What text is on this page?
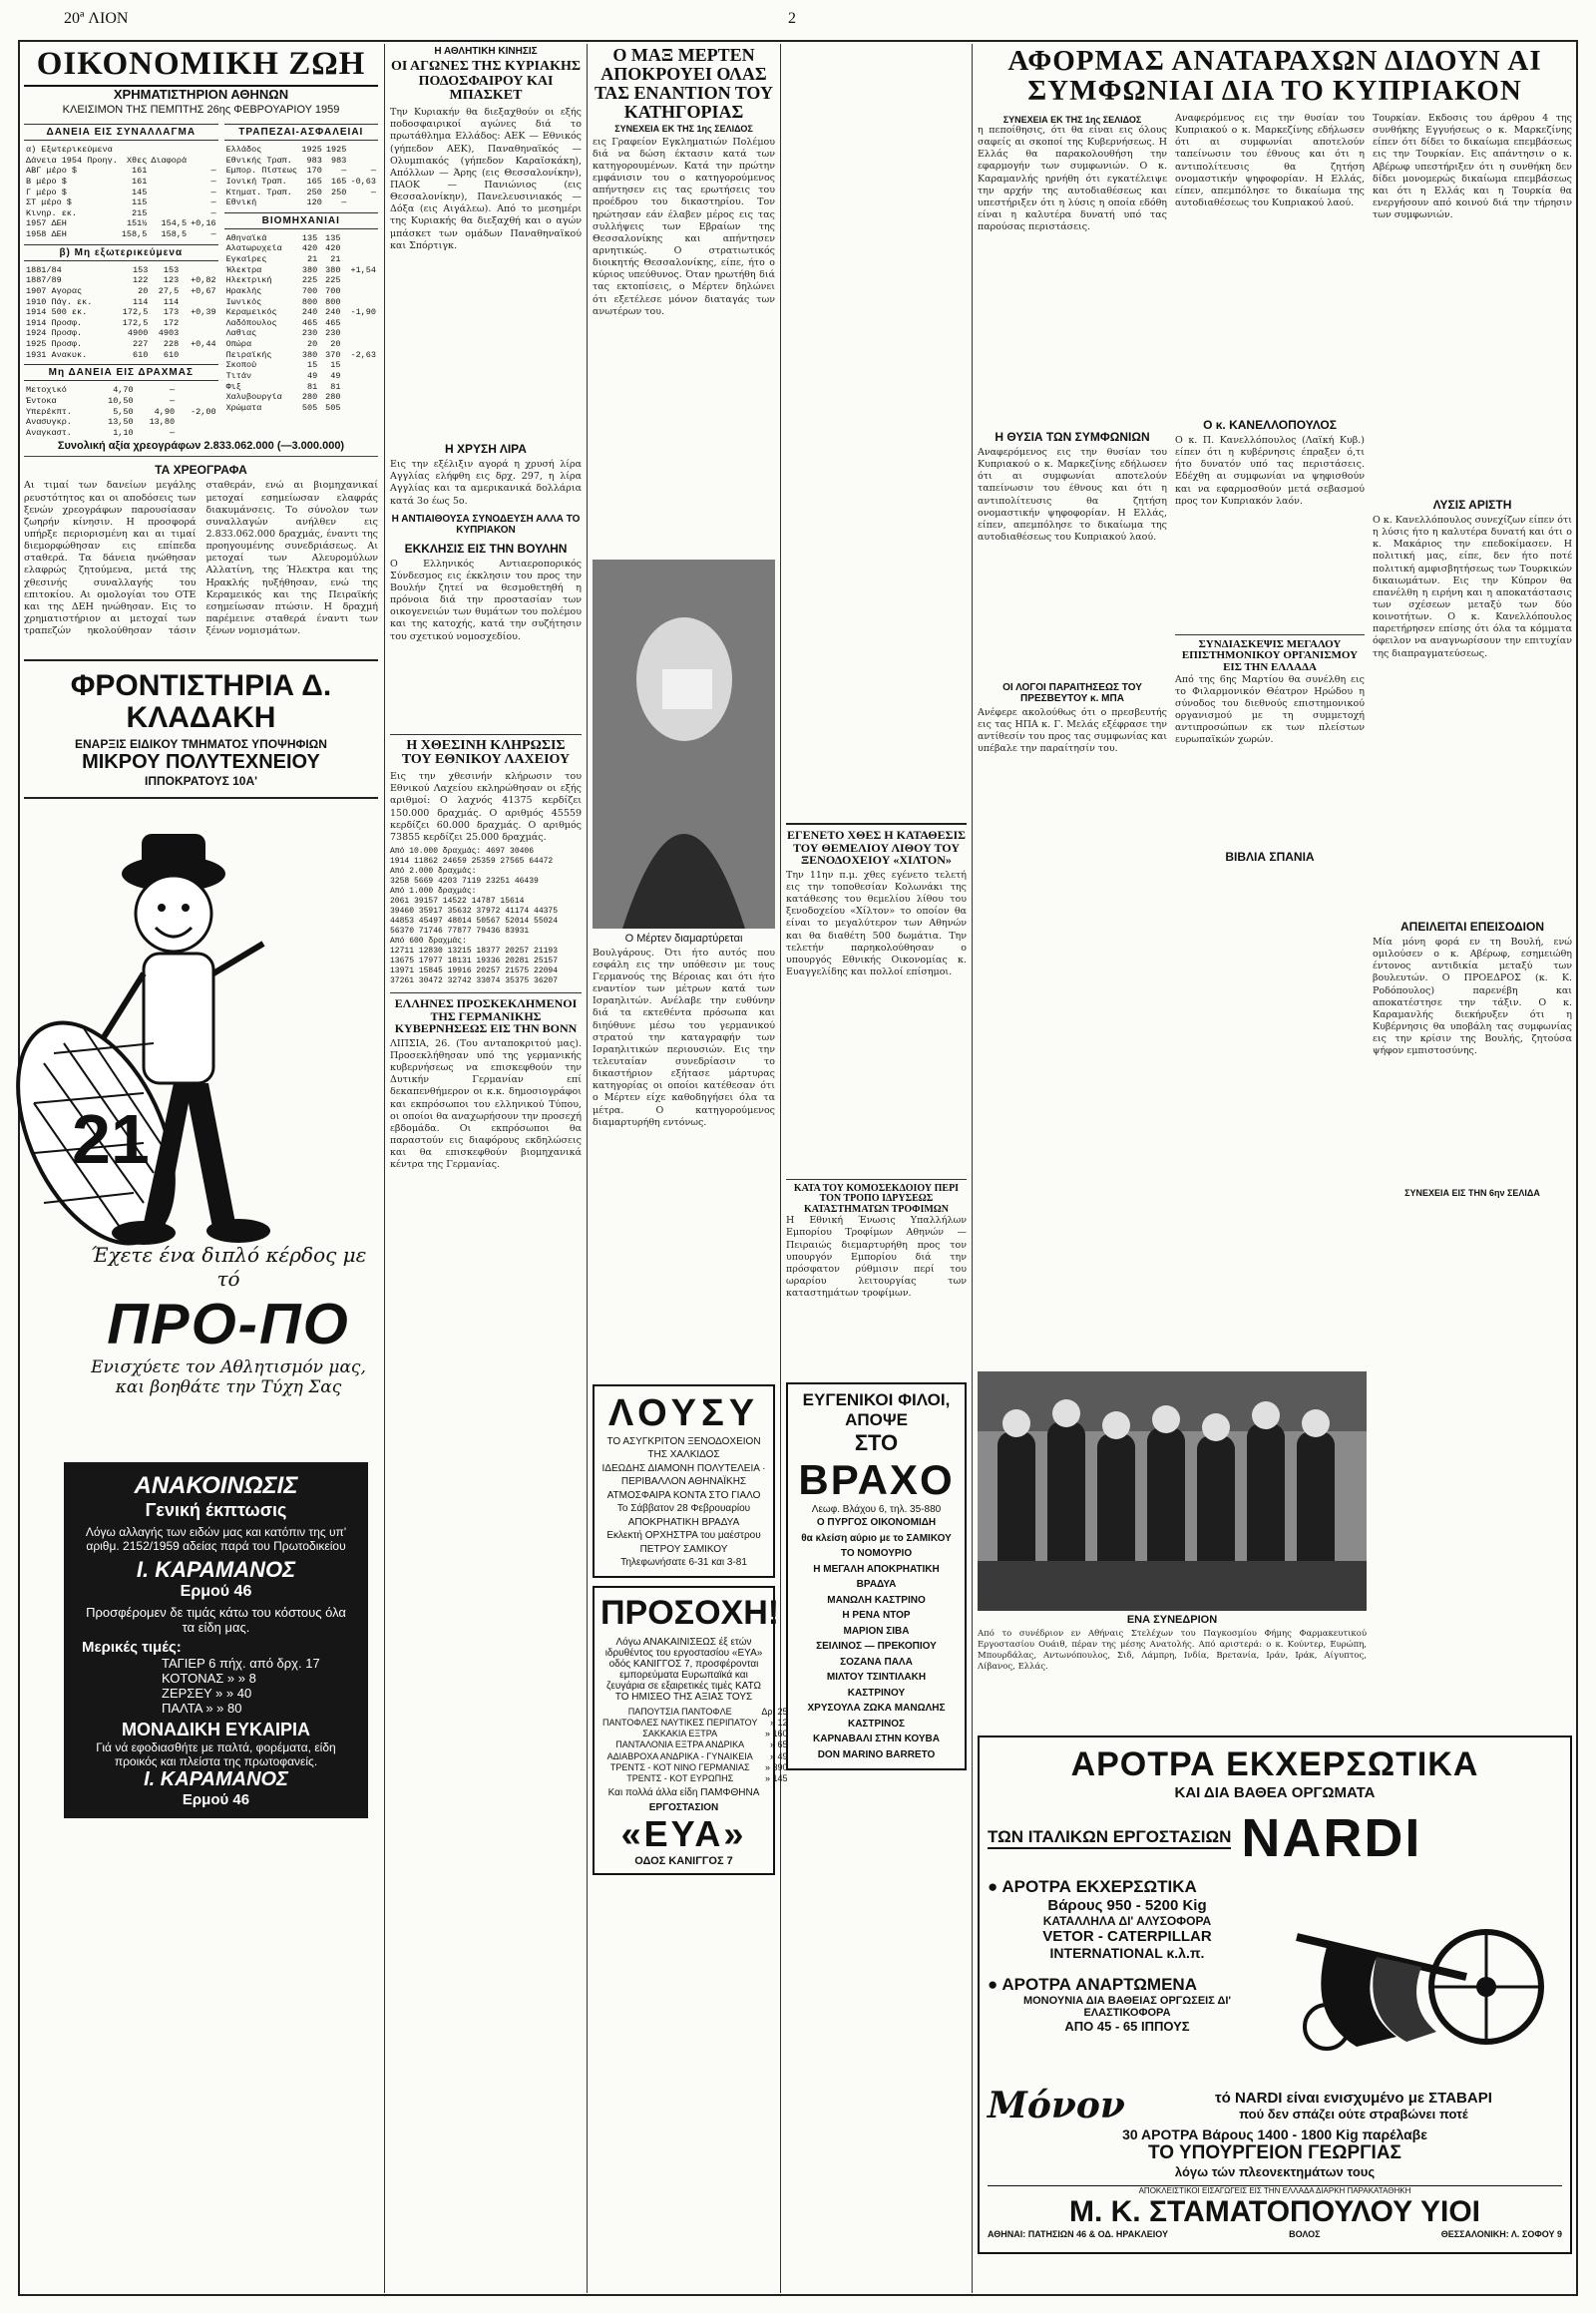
20ª ΛΙΟΝ	2
ΟΙΚΟΝΟΜΙΚΗ ΖΩΗ
ΧΡΗΜΑΤΙΣΤΗΡΙΟΝ ΑΘΗΝΩΝ
ΚΛΕΙΣΙΜΟΝ ΤΗΣ ΠΕΜΠΤΗΣ 26ης ΦΕΒΡΟΥΑΡΙΟΥ 1959
ΔΑΝΕΙΑ ΕΙΣ ΣΥΝΑΛΛΑΓΜΑ
α) Εξωτερικεύμενα			
Δάνεια 1954 Προηγ.	Χθες	Διαφορά	
ΑΒΓ μέρο $	161		—
Β μέρο $	161		—
Γ μέρο $	145		—
ΣΤ μέρο $	115		—
Κινηρ. εκ.	215		—
1957 ΔΕΗ	151½	154,5	+0,16
1958 ΔΕΗ	158,5	158,5	—
β) Μη εξωτερικεύμενα
1881/84	153	153	
1887/89	122	123	+0,82
1907 Αγορας	20	27,5	+0,67
1910 Πάγ. εκ.	114	114	
1914 500 εκ.	172,5	173	+0,39
1914 Προσφ.	172,5	172	
1924 Προσφ.	4900	4903	
1925 Προσφ.	227	228	+0,44
1931 Ανακυκ.	610	610	
Μη ΔΑΝΕΙΑ ΕΙΣ ΔΡΑΧΜΑΣ
Μετοχικό	4,70	—	
Έντοκα	10,50	—	
Υπερέκπτ.	5,50	4,90	-2,00
Ανασυγκρ.	13,50	13,80	
Αναγκαστ.	1,10	—	
ΤΡΑΠΕΖΑΙ-ΑΣΦΑΛΕΙΑΙ
Ελλάδος	1925	1925	
Εθνικής Τραπ.	983	983	
Εμπορ. Πίστεως	170	—	—
Ιονική Τραπ.	165	165	-0,63
Κτηματ. Τραπ.	250	250	—
Εθνική	120	—	
ΒΙΟΜΗΧΑΝΙΑΙ
Αθηναϊκά	135	135	
Αλατωρυχεία	420	420	
Εγκαίρες	21	21	
Ήλεκτρα	380	380	+1,54
Ηλεκτρική	225	225	
Ηρακλής	700	700	
Ιωνικός	800	800	
Κεραμεικός	240	240	-1,90
Λαδόπουλος	465	465	
Λαθιας	230	230	
Οπώρα	20	20	
Πειραϊκής	380	370	-2,63
Σκοπού	15	15	
Τιτάν	49	49	
Φιξ	81	81	
Χαλυβουργία	280	280	
Χρώματα	505	505	
Συνολική αξία χρεογράφων 2.833.062.000 (—3.000.000)
ΤΑ ΧΡΕΟΓΡΑΦΑ
Αι τιμαί των δανείων μεγάλης ρευστότητος και οι αποδόσεις των ξενών χρεογράφων παρουσίασαν ζωηρήν κίνησιν. Η προσφορά υπήρξε περιορισμένη και αι τιμαί διεμορφώθησαν εις επίπεδα σταθερά. Τα δάνεια ηνώθησαν ελαφρώς ζητούμενα, μετά της χθεσινής συναλλαγής του επιτοκίου. Αι ομολογίαι του ΟΤΕ και της ΔΕΗ ηνώθησαν. Εις το χρηματιστήριον αι μετοχαί των τραπεζών ηκολούθησαν τάσιν σταθεράν, ενώ αι βιομηχανικαί μετοχαί εσημείωσαν ελαφράς διακυμάνσεις. Το σύνολον των συναλλαγών ανήλθεν εις 2.833.062.000 δραχμάς, έναντι της προηγουμένης συνεδριάσεως. Αι μετοχαί των Αλευρομύλων Αλλατίνη, της Ήλεκτρα και της Ηρακλής ηυξήθησαν, ενώ της Κεραμεικός και της Πειραϊκής εσημείωσαν πτώσιν. Η δραχμή παρέμεινε σταθερά έναντι των ξένων νομισμάτων.
ΦΡΟΝΤΙΣΤΗΡΙΑ Δ. ΚΛΑΔΑΚΗ
ΕΝΑΡΞΙΣ ΕΙΔΙΚΟΥ ΤΜΗΜΑΤΟΣ ΥΠΟΨΗΦΙΩΝ
ΜΙΚΡΟΥ ΠΟΛΥΤΕΧΝΕΙΟΥ
ΙΠΠΟΚΡΑΤΟΥΣ 10Α'
21
Έχετε ένα διπλό κέρδος με τό
ΠΡΟ-ΠΟ
Ενισχύετε τον Αθλητισμόν μας,
και βοηθάτε την Τύχη Σας
ΑΝΑΚΟΙΝΩΣΙΣ
Γενική έκπτωσις
Λόγω αλλαγής των ειδών μας και κατόπιν της υπ' αριθμ. 2152/1959 αδείας παρά του Πρωτοδικείου
Ι. ΚΑΡΑΜΑΝΟΣ
Ερμού 46
Προσφέρομεν δε τιμάς κάτω του κόστους όλα τα είδη μας.
Μερικές τιμές:
ΤΑΓΙΕΡ 6 πήχ. από δρχ. 17
ΚΟΤΟΝΑΣ » » 8
ΖΕΡΣΕΥ » » 40
ΠΑΛΤΑ » » 80
ΜΟΝΑΔΙΚΗ ΕΥΚΑΙΡΙΑ
Γιά νά εφοδιασθήτε με παλτά, φορέματα, είδη προικός και πλείστα της πρωτοφανείς.
Ι. ΚΑΡΑΜΑΝΟΣ
Ερμού 46
Η ΑΘΛΗΤΙΚΗ ΚΙΝΗΣΙΣ
ΟΙ ΑΓΩΝΕΣ ΤΗΣ ΚΥΡΙΑΚΗΣ ΠΟΔΟΣΦΑΙΡΟΥ ΚΑΙ ΜΠΑΣΚΕΤ
Την Κυριακήν θα διεξαχθούν οι εξής ποδοσφαιρικοί αγώνες διά το πρωτάθλημα Ελλάδος: ΑΕΚ — Εθνικός (γήπεδον ΑΕΚ), Παναθηναϊκός — Ολυμπιακός (γήπεδον Καραϊσκάκη), Απόλλων — Άρης (εις Θεσσαλονίκην), ΠΑΟΚ — Πανιώνιος (εις Θεσσαλονίκην), Πανελευσινιακός — Δόξα (εις Αιγάλεω). Από το μεσημέρι της Κυριακής θα διεξαχθή και ο αγών μπάσκετ των ομάδων Παναθηναϊκού και Σπόρτιγκ.
Η ΧΡΥΣΗ ΛΙΡΑ
Εις την εξέλιξιν αγορά η χρυσή λίρα Αγγλίας ελήφθη εις δρχ. 297, η λίρα Αγγλίας και τα αμερικανικά δολλάρια κατά 3ο έως 5ο.
Η ΑΝΤΙΑΙΘΟΥΣΑ ΣΥΝΟΔΕΥΣΗ ΑΛΛΑ ΤΟ ΚΥΠΡΙΑΚΟΝ
ΕΚΚΛΗΣΙΣ ΕΙΣ ΤΗΝ ΒΟΥΛΗΝ
Ο Ελληνικός Αντιαεροπορικός Σύνδεσμος εις έκκλησιν του προς την Βουλήν ζητεί να θεσμοθετηθή η πρόνοια διά την προστασίαν των οικογενειών των θυμάτων του πολέμου και της κατοχής, κατά την συζήτησιν του σχετικού νομοσχεδίου.
Η ΧΘΕΣΙΝΗ ΚΛΗΡΩΣΙΣ ΤΟΥ ΕΘΝΙΚΟΥ ΛΑΧΕΙΟΥ
Εις την χθεσινήν κλήρωσιν του Εθνικού Λαχείου εκληρώθησαν οι εξής αριθμοί: Ο λαχνός 41375 κερδίζει 150.000 δραχμάς. Ο αριθμός 45559 κερδίζει 60.000 δραχμάς. Ο αριθμός 73855 κερδίζει 25.000 δραχμάς.
Από 10.000 δραχμάς: 4697 30406
1914 11862 24659 25359 27565 64472
Από 2.000 δραχμάς:
3258 5669 4203 7119 23251 46439
Από 1.000 δραχμάς:
2061 39157 14522 14787 15614
39460 35917 35632 37972 41174 44375
44853 45497 48014 50567 52014 55024
56370 71746 77877 79436 83931
Από 600 δραχμάς:
12711 12830 13215 18377 20257 21193
13675 17977 18131 19336 20281 25157
13971 15845 19916 20257 21575 22094
37261 30472 32742 33074 35375 36207
ΕΛΛΗΝΕΣ ΠΡΟΣΚΕΚΛΗΜΕΝΟΙ ΤΗΣ ΓΕΡΜΑΝΙΚΗΣ ΚΥΒΕΡΝΗΣΕΩΣ ΕΙΣ ΤΗΝ ΒΟΝΝ
ΛΙΠΣΙΑ, 26. (Του ανταποκριτού μας). Προσεκλήθησαν υπό της γερμανικής κυβερνήσεως να επισκεφθούν την Δυτικήν Γερμανίαν επί δεκαπενθήμερον οι κ.κ. δημοσιογράφοι και εκπρόσωποι του ελληνικού Τύπου, οι οποίοι θα αναχωρήσουν την προσεχή εβδομάδα. Οι εκπρόσωποι θα παραστούν εις διαφόρους εκδηλώσεις και θα επισκεφθούν βιομηχανικά κέντρα της Γερμανίας.
Ο ΜΑΞ ΜΕΡΤΕΝ ΑΠΟΚΡΟΥΕΙ ΟΛΑΣ ΤΑΣ ΕΝΑΝΤΙΟΝ ΤΟΥ ΚΑΤΗΓΟΡΙΑΣ
ΣΥΝΕΧΕΙΑ ΕΚ ΤΗΣ 1ης ΣΕΛΙΔΟΣ
εις Γραφείον Εγκληματιών Πολέμου διά να δώση έκτασιν κατά των κατηγορουμένων. Κατά την πρώτην εμφάνισιν του ο κατηγορούμενος απήντησεν εις τας ερωτήσεις του προέδρου του δικαστηρίου. Τον ηρώτησαν εάν έλαβεν μέρος εις τας συλλήψεις των Εβραίων της Θεσσαλονίκης και απήντησεν αρνητικώς. Ο στρατιωτικός διοικητής Θεσσαλονίκης, είπε, ήτο ο κύριος υπεύθυνος. Όταν ηρωτήθη διά τας εκτοπίσεις, ο Μέρτεν δηλώνει ότι εξετέλεσε μόνον διαταγάς των ανωτέρων του.
Ο Μέρτεν διαμαρτύρεται
Βουλγάρους. Ότι ήτο αυτός που εσφάλη εις την υπόθεσιν με τους Γερμανούς της Βέροιας και ότι ήτο εναντίον των μέτρων κατά των Ισραηλιτών. Ανέλαβε την ευθύνην διά τα εκτεθέντα πρόσωπα και διηύθυνε μέσω του γερμανικού στρατού την καταγραφήν των Ισραηλιτικών περιουσιών. Εις την τελευταίαν συνεδρίασιν το δικαστήριον εξήτασε μάρτυρας κατηγορίας οι οποίοι κατέθεσαν ότι ο Μέρτεν είχε καθοδηγήσει όλα τα μέτρα. Ο κατηγορούμενος διαμαρτυρήθη εντόνως.
ΛΟΥΣΥ
ΤΟ ΑΣΥΓΚΡΙΤΟΝ ΞΕΝΟΔΟΧΕΙΟΝ ΤΗΣ ΧΑΛΚΙΔΟΣ
ΙΔΕΩΔΗΣ ΔΙΑΜΟΝΗ ΠΟΛΥΤΕΛΕΙΑ · ΠΕΡΙΒΑΛΛΟΝ ΑΘΗΝΑΪΚΗΣ ΑΤΜΟΣΦΑΙΡΑ ΚΟΝΤΑ ΣΤΟ ΓΙΑΛΟ
Το Σάββατον 28 Φεβρουαρίου ΑΠΟΚΡΗΑΤΙΚΗ ΒΡΑΔΥΑ
Εκλεκτή ΟΡΧΗΣΤΡΑ του μαέστρου ΠΕΤΡΟΥ ΣΑΜΙΚΟΥ
Τηλεφωνήσατε 6-31 και 3-81
ΠΡΟΣΟΧΗ!
Λόγω ΑΝΑΚΑΙΝΙΣΕΩΣ έξ ετών ιδρυθέντος του εργοστασίου «ΕΥΑ» οδός ΚΑΝΙΓΓΟΣ 7, προσφέρονται εμπορεύματα Ευρωπαϊκά και ζευγάρια σε εξαιρετικές τιμές ΚΑΤΩ ΤΟ ΗΜΙΣΕΟ ΤΗΣ ΑΞΙΑΣ ΤΟΥΣ
ΠΑΠΟΥΤΣΙΑ ΠΑΝΤΟΦΛΕ	Δρ. 25
ΠΑΝΤΟΦΛΕΣ ΝΑΥΤΙΚΕΣ ΠΕΡΙΠΑΤΟΥ	» 12
ΣΑΚΚΑΚΙΑ ΕΞΤΡΑ	» 160
ΠΑΝΤΑΛΟΝΙΑ ΕΞΤΡΑ ΑΝΔΡΙΚΑ	» 65
ΑΔΙΑΒΡΟΧΑ ΑΝΔΡΙΚΑ - ΓΥΝΑΙΚΕΙΑ	» 49
ΤΡΕΝΤΣ - ΚΟΤ ΝΙΝΟ ΓΕΡΜΑΝΙΑΣ	» 390
ΤΡΕΝΤΣ - ΚΟΤ ΕΥΡΩΠΗΣ	» 145
Και πολλά άλλα είδη ΠΑΜΦΘΗΝΑ
ΕΡΓΟΣΤΑΣΙΟΝ
«ΕΥΑ»
ΟΔΟΣ ΚΑΝΙΓΓΟΣ 7
ΕΓΕΝΕΤΟ ΧΘΕΣ Η ΚΑΤΑΘΕΣΙΣ ΤΟΥ ΘΕΜΕΛΙΟΥ ΛΙΘΟΥ ΤΟΥ ΞΕΝΟΔΟΧΕΙΟΥ «ΧΙΛΤΟΝ»
Την 11ην π.μ. χθες εγένετο τελετή εις την τοποθεσίαν Κολωνάκι της κατάθεσης του θεμελίου λίθου του ξενοδοχείου «Χίλτον» το οποίον θα είναι το μεγαλύτερον των Αθηνών και θα διαθέτη 500 δωμάτια. Την τελετήν παρηκολούθησαν ο υπουργός Εθνικής Οικονομίας κ. Ευαγγελίδης και πολλοί επίσημοι.
ΚΑΤΑ ΤΟΥ ΚΟΜΟΣΕΚΔΟΙΟΥ ΠΕΡΙ ΤΟΝ ΤΡΟΠΟ ΙΔΡΥΣΕΩΣ ΚΑΤΑΣΤΗΜΑΤΩΝ ΤΡΟΦΙΜΩΝ
Η Εθνική Ένωσις Υπαλλήλων Εμπορίου Τροφίμων Αθηνών — Πειραιώς διεμαρτυρήθη προς τον υπουργόν Εμπορίου διά την πρόσφατον ρύθμισιν περί του ωραρίου λειτουργίας των καταστημάτων τροφίμων.
ΕΥΓΕΝΙΚΟΙ ΦΙΛΟΙ, ΑΠΟΨΕ
ΣΤΟ
ΒΡΑΧΟ
Λεωφ. Βλάχου 6, τηλ. 35-880
Ο ΠΥΡΓΟΣ ΟΙΚΟΝΟΜΙΔΗ
θα κλείση αύριο με το ΣΑΜΙΚΟΥ ΤΟ ΝΟΜΟΥΡΙΟ
Η ΜΕΓΑΛΗ ΑΠΟΚΡΗΑΤΙΚΗ ΒΡΑΔΥΑ
ΜΑΝΩΛΗ ΚΑΣΤΡΙΝΟ
Η ΡΕΝΑ ΝΤΟΡ
ΜΑΡΙΟΝ ΣΙΒΑ
ΣΕΙΛΙΝΟΣ — ΠΡΕΚΟΠΙΟΥ
ΣΟΖΑΝΑ ΠΑΛΑ
ΜΙΛΤΟΥ ΤΣΙΝΤΙΛΑΚΗ
ΚΑΣΤΡΙΝΟΥ
ΧΡΥΣΟΥΛΑ ΖΩΚΑ ΜΑΝΩΛΗΣ ΚΑΣΤΡΙΝΟΣ
ΚΑΡΝΑΒΑΛΙ ΣΤΗΝ ΚΟΥΒΑ
DON MARINO BARRETO
ΑΦΟΡΜΑΣ ΑΝΑΤΑΡΑΧΩΝ ΔΙΔΟΥΝ ΑΙ ΣΥΜΦΩΝΙΑΙ ΔΙΑ ΤΟ ΚΥΠΡΙΑΚΟΝ
ΣΥΝΕΧΕΙΑ ΕΚ ΤΗΣ 1ης ΣΕΛΙΔΟΣ
η πεποίθησις, ότι θα είναι εις όλους σαφείς αι σκοποί της Κυβερνήσεως. Η Ελλάς θα παρακολουθήση την εφαρμογήν των συμφωνιών. Ο κ. Καραμανλής ηρνήθη ότι εγκατέλειψε την αρχήν της αυτοδιαθέσεως και υπεστήριξεν ότι η λύσις η οποία εδόθη είναι η καλυτέρα δυνατή υπό τας παρούσας περιστάσεις.
Η ΘΥΣΙΑ ΤΩΝ ΣΥΜΦΩΝΙΩΝ
Αναφερόμενος εις την θυσίαν του Κυπριακού ο κ. Μαρκεζίνης εδήλωσεν ότι αι συμφωνίαι αποτελούν ταπείνωσιν του έθνους και ότι η αντιπολίτευσις θα ζητήση ονομαστικήν ψηφοφορίαν. Η Ελλάς, είπεν, απεμπόλησε το δικαίωμα της αυτοδιαθέσεως του Κυπριακού λαού.
ΟΙ ΛΟΓΟΙ ΠΑΡΑΙΤΗΣΕΩΣ ΤΟΥ ΠΡΕΣΒΕΥΤΟΥ κ. ΜΠΑ
Ανέφερε ακολούθως ότι ο πρεσβευτής εις τας ΗΠΑ κ. Γ. Μελάς εξέφρασε την αντίθεσίν του προς τας συμφωνίας και υπέβαλε την παραίτησίν του.
Αναφερόμενος εις την θυσίαν του Κυπριακού ο κ. Μαρκεζίνης εδήλωσεν ότι αι συμφωνίαι αποτελούν ταπείνωσιν του έθνους και ότι η αντιπολίτευσις θα ζητήση ονομαστικήν ψηφοφορίαν. Η Ελλάς, είπεν, απεμπόλησε το δικαίωμα της αυτοδιαθέσεως του Κυπριακού λαού.
Ο κ. ΚΑΝΕΛΛΟΠΟΥΛΟΣ
Ο κ. Π. Κανελλόπουλος (Λαϊκή Κυβ.) είπεν ότι η κυβέρνησις έπραξεν ό,τι ήτο δυνατόν υπό τας περιστάσεις. Εδέχθη αι συμφωνίαι να ψηφισθούν και να εφαρμοσθούν μετά σεβασμού προς τον Κυπριακόν λαόν.
ΣΥΝΔΙΑΣΚΕΨΙΣ ΜΕΓΑΛΟΥ ΕΠΙΣΤΗΜΟΝΙΚΟΥ ΟΡΓΑΝΙΣΜΟΥ ΕΙΣ ΤΗΝ ΕΛΛΑΔΑ
Από της 6ης Μαρτίου θα συνέλθη εις το Φιλαρμονικόν Θέατρον Ηρώδου η σύνοδος του διεθνούς επιστημονικού οργανισμού με τη συμμετοχή αντιπροσώπων εκ των πλείστων ευρωπαϊκών χωρών.
ΒΙΒΛΙΑ ΣΠΑΝΙΑ
Τουρκίαν. Εκδοσις του άρθρου 4 της συνθήκης Εγγυήσεως ο κ. Μαρκεζίνης είπεν ότι δίδει το δικαίωμα επεμβάσεως εις την Τουρκίαν. Εις απάντησιν ο κ. Αβέρωφ υπεστήριξεν ότι η συνθήκη δεν δίδει μονομερώς δικαίωμα επεμβάσεως και ότι η Ελλάς και η Τουρκία θα ενεργήσουν από κοινού διά την τήρησιν των συμφωνιών.
ΛΥΣΙΣ ΑΡΙΣΤΗ
Ο κ. Κανελλόπουλος συνεχίζων είπεν ότι η λύσις ήτο η καλυτέρα δυνατή και ότι ο κ. Μακάριος την επεδοκίμασεν. Η πολιτική μας, είπε, δεν ήτο ποτέ πολιτική αμφισβητήσεως των Τουρκικών δικαιωμάτων. Εις την Κύπρον θα επανέλθη η ειρήνη και η αποκατάστασις των σχέσεων μεταξύ των δύο κοινοτήτων. Ο κ. Κανελλόπουλος παρετήρησεν επίσης ότι όλα τα κόμματα όφειλον να αναγνωρίσουν την επιτυχίαν της διαπραγματεύσεως.
ΑΠΕΙΛΕΙΤΑΙ ΕΠΕΙΣΟΔΙΟΝ
Μία μόνη φορά εν τη Βουλή, ενώ ομιλούσεν ο κ. Αβέρωφ, εσημειώθη έντονος αντιδικία μεταξύ των βουλευτών. Ο ΠΡΟΕΔΡΟΣ (κ. Κ. Ροδόπουλος) παρενέβη και αποκατέστησε την τάξιν. Ο κ. Καραμανλής διεκήρυξεν ότι η Κυβέρνησις θα υποβάλη τας συμφωνίας εις την κρίσιν της Βουλής, ζητούσα ψήφον εμπιστοσύνης.
ΣΥΝΕΧΕΙΑ ΕΙΣ ΤΗΝ 6ην ΣΕΛΙΔΑ
ΕΝΑ ΣΥΝΕΔΡΙΟΝ
Από το συνέδριον εν Αθήναις Στελέχων του Παγκοσμίου Φήμης Φαρμακευτικού Εργοστασίου Ουάιθ, πέραν της μέσης Ανατολής. Από αριστερά: ο κ. Κούντερ, Ευρώπη, Μπουρδάλας, Αντωνόπουλος, Σιδ, Λάμπρη, Ινδία, Βρετανία, Ιράν, Ιράκ, Αίγυπτος, Λίβανος, Ελλάς.
ΑΡΟΤΡΑ ΕΚΧΕΡΣΩΤΙΚΑ
ΚΑΙ ΔΙΑ ΒΑΘΕΑ ΟΡΓΩΜΑΤΑ
ΤΩΝ ΙΤΑΛΙΚΩΝ ΕΡΓΟΣΤΑΣΙΩΝ NARDI
● ΑΡΟΤΡΑ ΕΚΧΕΡΣΩΤΙΚΑ
Βάρους 950 - 5200 Kig
ΚΑΤΑΛΛΗΛΑ ΔΙ' ΑΛΥΣΟΦΟΡΑ
VETOR - CATERPILLAR
INTERNATIONAL κ.λ.π.
● ΑΡΟΤΡΑ ΑΝΑΡΤΩΜΕΝΑ
ΜΟΝΟΥΝΙΑ ΔΙΑ ΒΑΘΕΙΑΣ ΟΡΓΩΣΕΙΣ ΔΙ' ΕΛΑΣΤΙΚΟΦΟΡΑ
ΑΠΟ 45 - 65 ΙΠΠΟΥΣ
Μόνον	τό NARDI είναι ενισχυμένο με ΣΤΑΒΑΡΙ
πού δεν σπάζει ούτε στραβώνει ποτέ
30 ΑΡΟΤΡΑ Βάρους 1400 - 1800 Kig παρέλαβε
ΤΟ ΥΠΟΥΡΓΕΙΟΝ ΓΕΩΡΓΙΑΣ
λόγω τών πλεονεκτημάτων τους
ΑΠΟΚΛΕΙΣΤΙΚΟΙ ΕΙΣΑΓΩΓΕΙΣ ΕΙΣ ΤΗΝ ΕΛΛΑΔΑ ΔΙΑΡΚΗ ΠΑΡΑΚΑΤΑΘΗΚΗ
Μ. Κ. ΣΤΑΜΑΤΟΠΟΥΛΟΥ ΥΙΟΙ
ΑΘΗΝΑΙ: ΠΑΤΗΣΙΩΝ 46 & ΟΔ. ΗΡΑΚΛΕΙΟΥ	ΒΟΛΟΣ	ΘΕΣΣΑΛΟΝΙΚΗ: Λ. ΣΟΦΟΥ 9
